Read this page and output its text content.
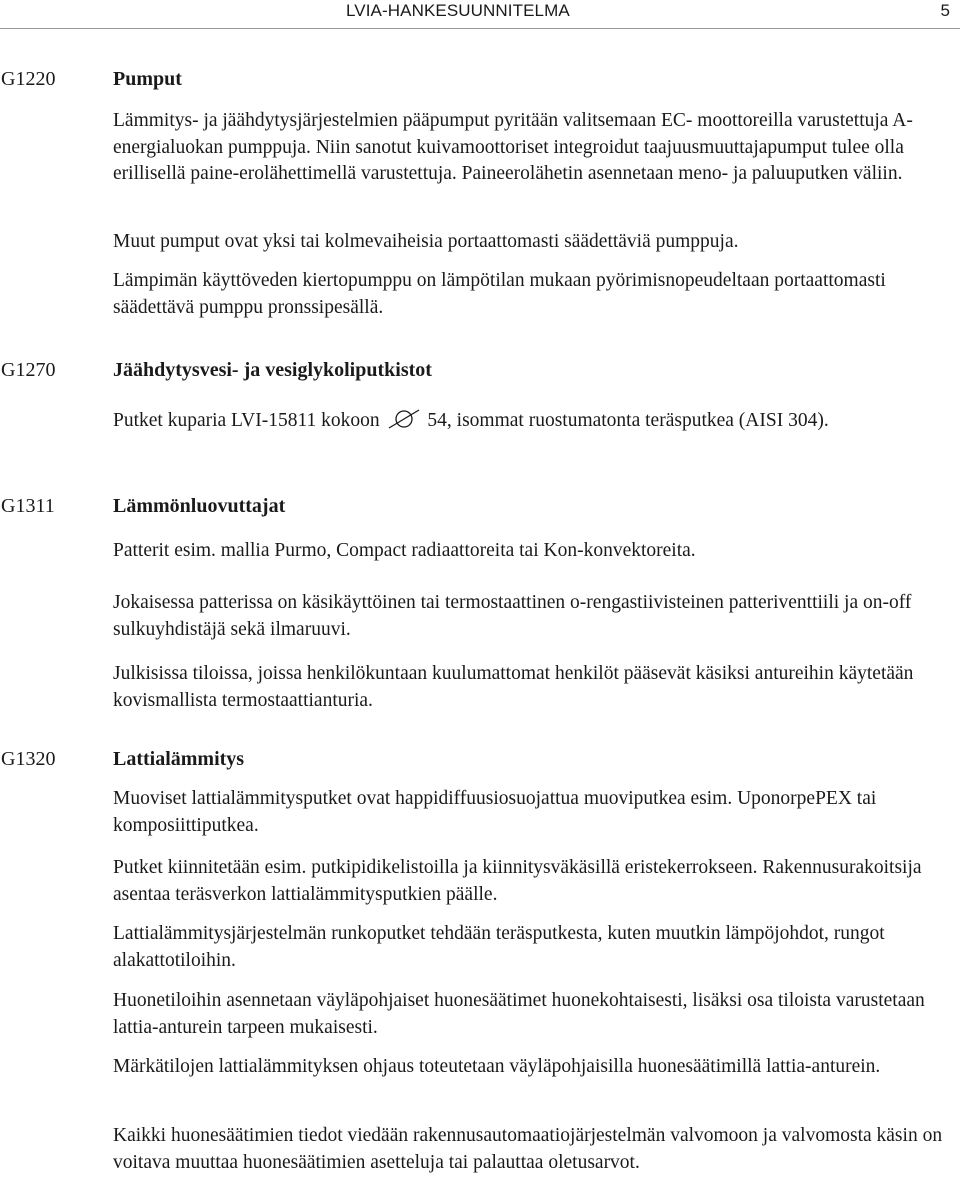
LVIA-HANKESUUNNITELMA	5
G1220	Pumput

Lämmitys- ja jäähdytysjärjestelmien pääpumput pyritään valitsemaan EC- moottoreilla varustettuja A-energialuokan pumppuja. Niin sanotut kuivamoottoriset integroidut taajuusmuuttajapumput tulee olla erillisellä paine-erolähettimellä varustettuja. Paineerolähetin asennetaan meno- ja paluuputken väliin.

Muut pumput ovat yksi tai kolmevaiheisia portaattomasti säädettäviä pumppuja.

Lämpimän käyttöveden kiertopumppu on lämpötilan mukaan pyörimisnopeudeltaan portaattomasti säädettävä pumppu pronssipesällä.

G1270	Jäähdytysvesi- ja vesiglykoliputkistot

Putket kuparia LVI-15811 kokoon 54, isommat ruostumatonta teräsputkea (AISI 304).

G1311	Lämmönluovuttajat

Patterit esim. mallia Purmo, Compact radiaattoreita tai Kon-konvektoreita.

Jokaisessa patterissa on käsikäyttöinen tai termostaattinen o-rengastiivisteinen patteriventtiili ja on-off sulkuyhdistäjä sekä ilmaruuvi.

Julkisissa tiloissa, joissa henkilökuntaan kuulumattomat henkilöt pääsevät käsiksi antureihin käytetään kovismallista termostaattianturia.

G1320	Lattialämmitys

Muoviset lattialämmitysputket ovat happidiffuusiosuojattua muoviputkea esim. UponorpePEX tai komposiittiputkea.

Putket kiinnitetään esim. putkipidikelistoilla ja kiinnitysväkäsillä eristekerrokseen. Rakennusurakoitsija asentaa teräsverkon lattialämmitysputkien päälle.

Lattialämmitysjärjestelmän runkoputket tehdään teräsputkesta, kuten muutkin lämpöjohdot, rungot alakattotiloihin.

Huonetiloihin asennetaan väyläpohjaiset huonesäätimet huonekohtaisesti, lisäksi osa tiloista varustetaan lattia-anturein tarpeen mukaisesti.

Märkätilojen lattialämmityksen ohjaus toteutetaan väyläpohjaisilla huonesäätimillä lattia-anturein.

Kaikki huonesäätimien tiedot viedään rakennusautomaatiojärjestelmän valvomoon ja valvomosta käsin on voitava muuttaa huonesäätimien asetteluja tai palauttaa oletusarvot.
